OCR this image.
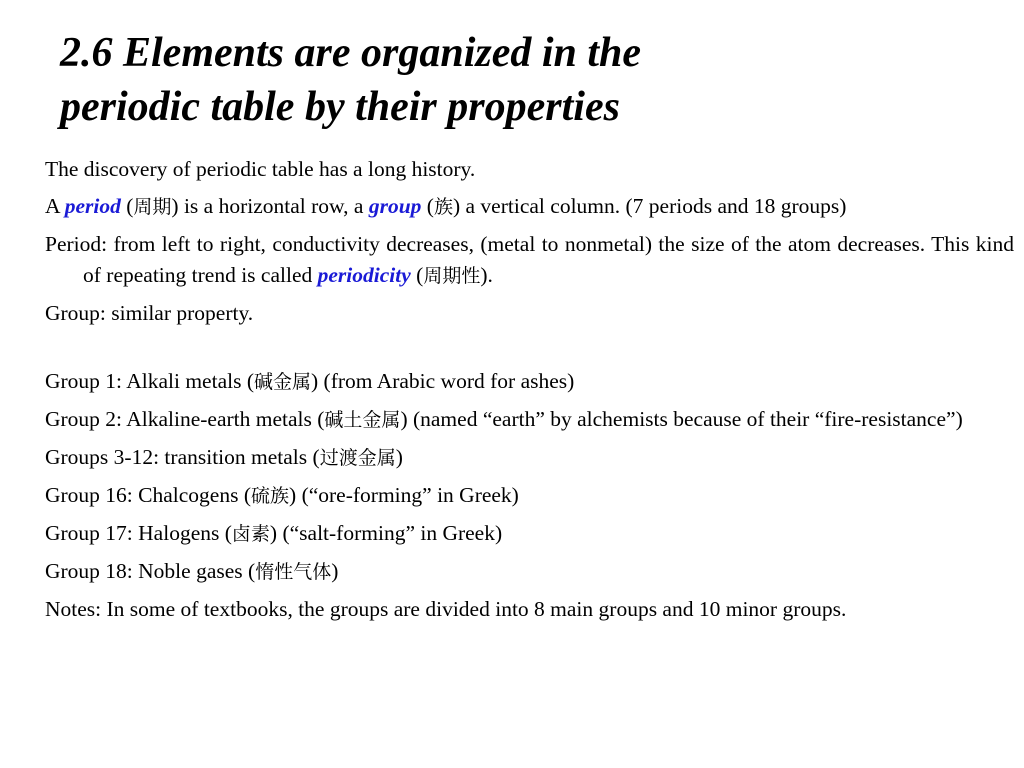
2.6 Elements are organized in the
periodic table by their properties

The discovery of periodic table has a long history.

A period (周期) is a horizontal row, a group (族) a vertical column. (7 periods and 18 groups)

Period: from left to right, conductivity decreases, (metal to nonmetal) the size of the atom decreases. This kind of repeating trend is called periodicity (周期性).

Group: similar property.

Group 1: Alkali metals (碱金属) (from Arabic word for ashes)

Group 2: Alkaline-earth metals (碱土金属) (named “earth” by alchemists because of their “fire-resistance”)

Groups 3-12: transition metals (过渡金属)

Group 16: Chalcogens (硫族) (“ore-forming” in Greek)

Group 17: Halogens (卤素) (“salt-forming” in Greek)

Group 18: Noble gases (惰性气体)

Notes: In some of textbooks, the groups are divided into 8 main groups and 10 minor groups.
